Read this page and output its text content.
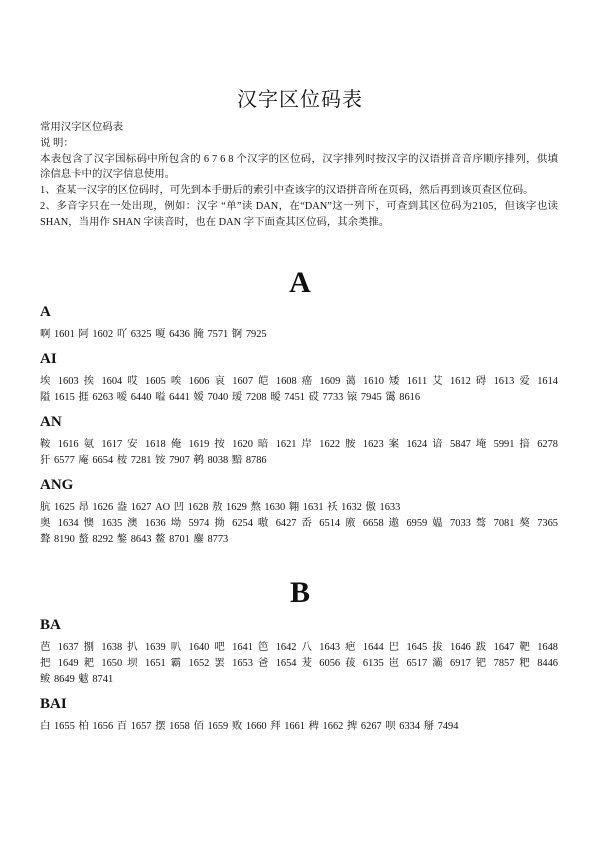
汉字区位码表
常用汉字区位码表
说 明：
本表包含了汉字国标码中所包含的 6 7 6 8 个汉字的区位码，汉字排列时按汉字的汉语拼音音序顺序排列，供填
涂信息卡中的汉字信息使用。
1、查某一汉字的区位码时，可先到本手册后的索引中查该字的汉语拼音所在页码，然后再到该页查区位码。
2、多音字只在一处出现，例如：汉字 “单”读 DAN，在“DAN”这一列下，可查到其区位码为2105，但该字也读
SHAN，当用作 SHAN 字读音时，也在 DAN 字下面查其区位码，其余类推。
A
A
啊 1601 阿 1602 吖 6325 嗄 6436 腌 7571 锕 7925
AI
埃 1603 挨 1604 哎 1605 唉 1606 哀 1607 皑 1608 癌 1609 蔼 1610 矮 1611 艾 1612 碍 1613 爱 1614
隘 1615 捱 6263 嗳 6440 嗌 6441 嫒 7040 瑷 7208 暧 7451 砹 7733 锿 7945 霭 8616
AN
鞍 1616 氨 1617 安 1618 俺 1619 按 1620 暗 1621 岸 1622 胺 1623 案 1624 谙 5847 埯 5991 揞 6278
犴 6577 庵 6654 桉 7281 铵 7907 鹌 8038 黯 8786
ANG
肮 1625 昂 1626 盎 1627 AO 凹 1628 敖 1629 熬 1630 翱 1631 袄 1632 傲 1633
奥 1634 懊 1635 澳 1636 坳 5974 拗 6254 嗷 6427 岙 6514 廒 6658 遨 6959 媪 7033 骜 7081 獒 7365
聱 8190 螯 8292 鏊 8643 鳌 8701 鏖 8773
B
BA
芭 1637 捌 1638 扒 1639 叭 1640 吧 1641 笆 1642 八 1643 疤 1644 巴 1645 拔 1646 跋 1647 靶 1648
把 1649 耙 1650 坝 1651 霸 1652 罢 1653 爸 1654 茇 6056 菝 6135 岜 6517 灞 6917 钯 7857 粑 8446
鲅 8649 魃 8741
BAI
白 1655 柏 1656 百 1657 摆 1658 佰 1659 败 1660 拜 1661 稗 1662 捭 6267 呗 6334 掰 7494
